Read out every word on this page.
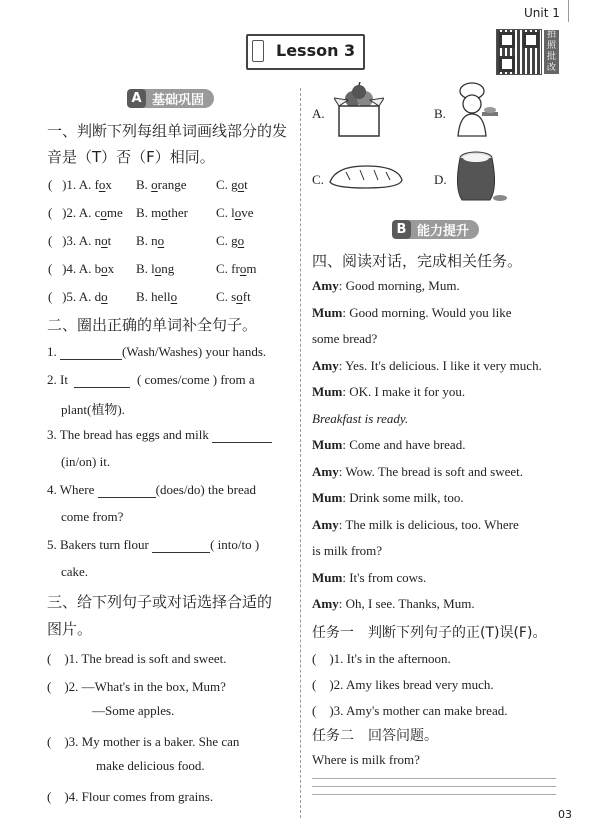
Unit 1
Lesson 3
拍照批改
A 基础巩固
一、判断下列每组单词画线部分的发
音是（T）否（F）相同。
(   )1. A. fox	B. orange	C. got
(   )2. A. come	B. mother	C. love
(   )3. A. not	B. no	C. go
(   )4. A. box	B. long	C. from
(   )5. A. do	B. hello	C. soft
二、圈出正确的单词补全句子。
1.	(Wash/Washes) your hands.
2. It	( comes/come ) from a
plant(植物).
3. The bread has eggs and milk
(in/on) it.
4. Where	(does/do) the bread
come from?
5. Bakers turn flour	( into/to )
cake.
三、给下列句子或对话选择合适的
图片。
(　)1. The bread is soft and sweet.
(　)2. —What's in the box, Mum?
—Some apples.
(　)3. My mother is a baker. She can
make delicious food.
(　)4. Flour comes from grains.
A.	B.
C.	D.
B 能力提升
四、阅读对话，完成相关任务。
Amy: Good morning, Mum.
Mum: Good morning. Would you like
some bread?
Amy: Yes. It's delicious. I like it very much.
Mum: OK. I make it for you.
Breakfast is ready.
Mum: Come and have bread.
Amy: Wow. The bread is soft and sweet.
Mum: Drink some milk, too.
Amy: The milk is delicious, too. Where
is milk from?
Mum: It's from cows.
Amy: Oh, I see. Thanks, Mum.
任务一　判断下列句子的正(T)误(F)。
(　)1. It's in the afternoon.
(　)2. Amy likes bread very much.
(　)3. Amy's mother can make bread.
任务二　回答问题。
Where is milk from?
03
